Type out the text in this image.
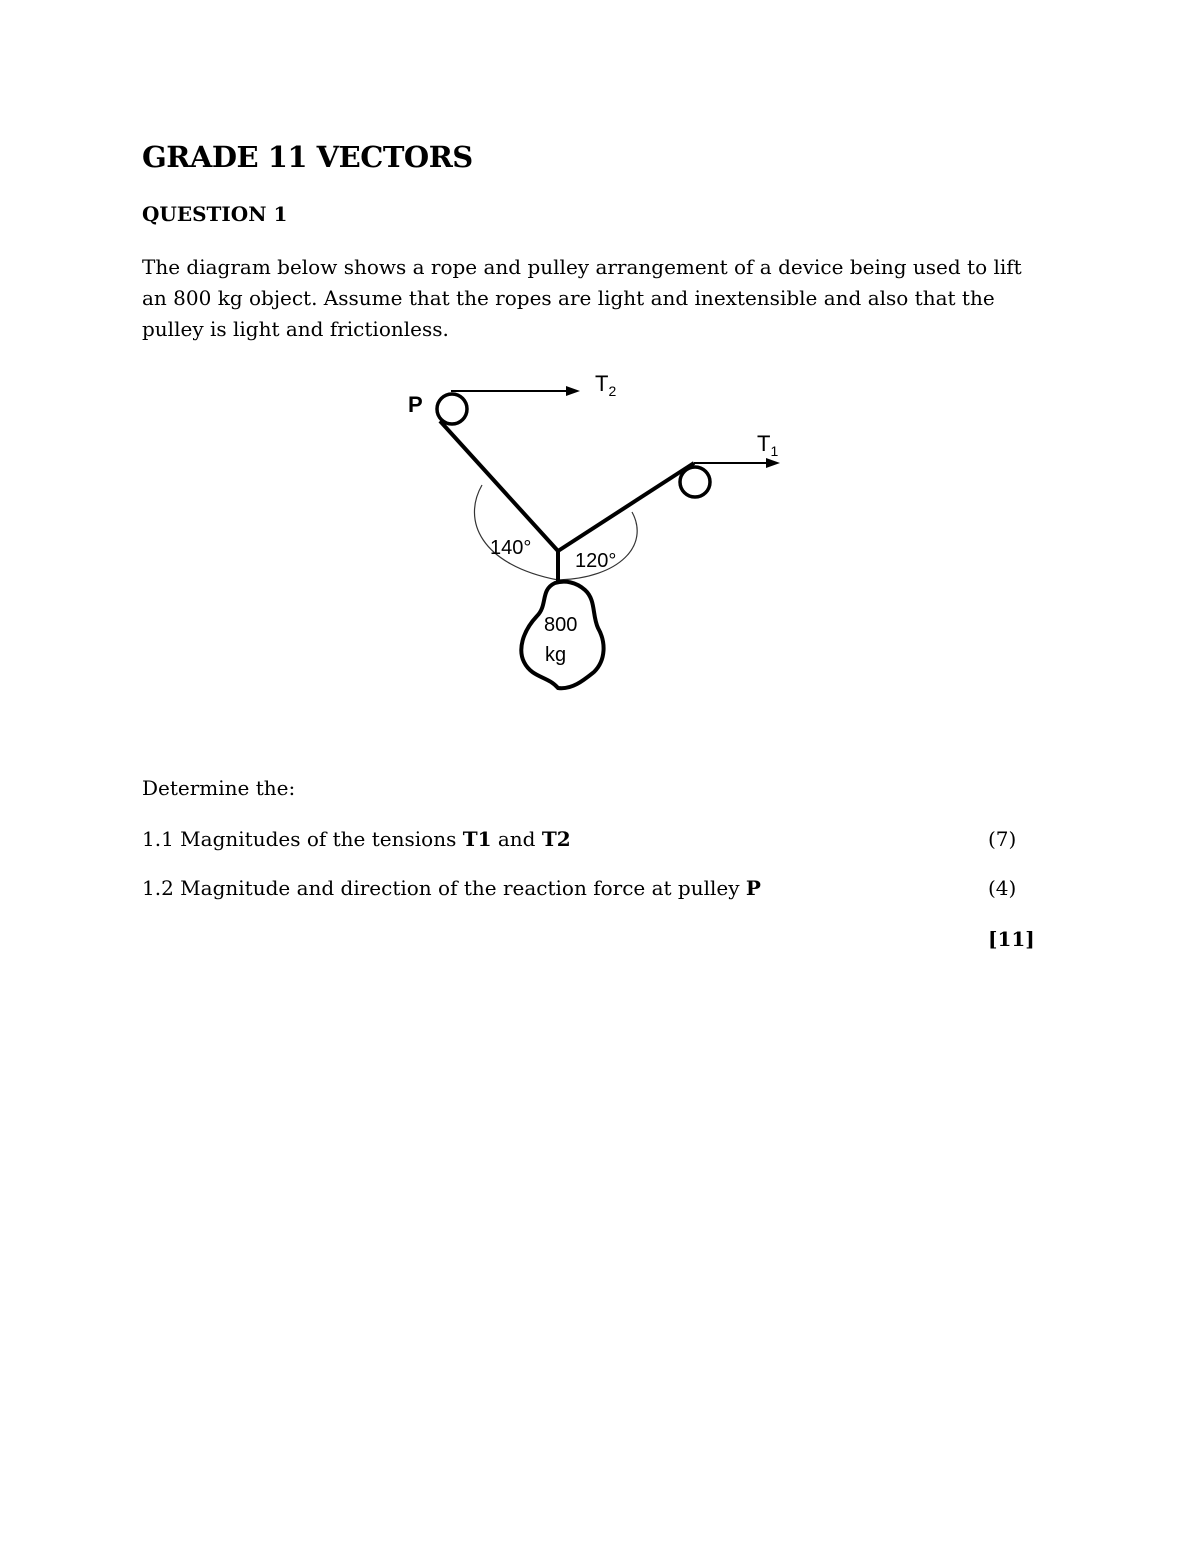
GRADE 11 VECTORS
QUESTION 1

The diagram below shows a rope and pulley arrangement of a device being used to lift

an 800 kg object. Assume that the ropes are light and inextensible and also that the

pulley is light and frictionless.

P
$T_2$
$T_1$
140°
120°
800
kg
Determine the:
1.1 Magnitudes of the tensions T1 and T2	(7)
1.2 Magnitude and direction of the reaction force at pulley P	(4)
[11]
